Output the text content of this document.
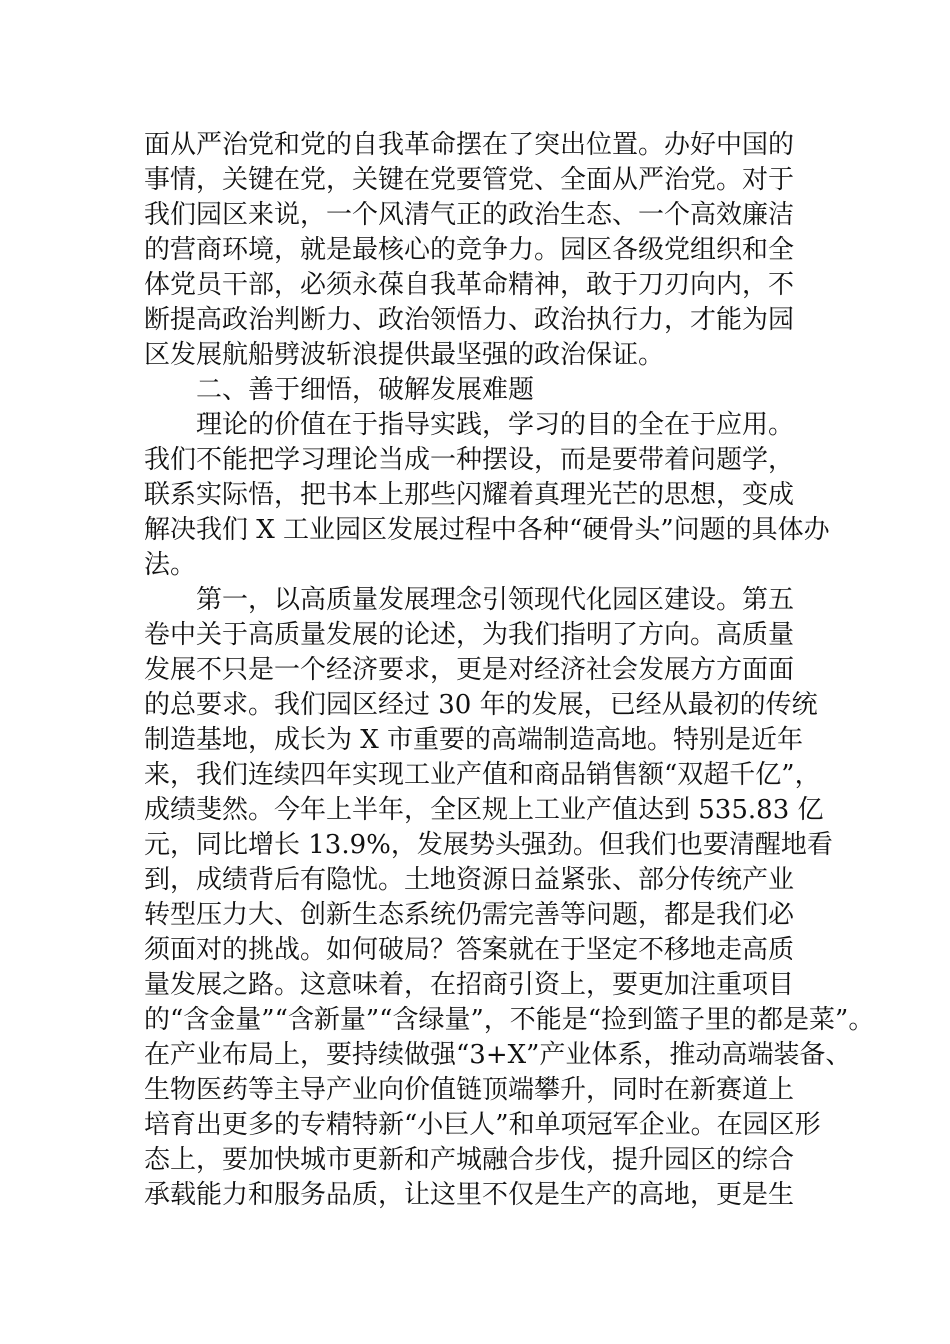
面从严治党和党的自我革命摆在了突出位置。办好中国的
事情，关键在党，关键在党要管党、全面从严治党。对于
我们园区来说，一个风清气正的政治生态、一个高效廉洁
的营商环境，就是最核心的竞争力。园区各级党组织和全
体党员干部，必须永葆自我革命精神，敢于刀刃向内，不
断提高政治判断力、政治领悟力、政治执行力，才能为园
区发展航船劈波斩浪提供最坚强的政治保证。
二、善于细悟，破解发展难题
理论的价值在于指导实践，学习的目的全在于应用。
我们不能把学习理论当成一种摆设，而是要带着问题学，
联系实际悟，把书本上那些闪耀着真理光芒的思想，变成
解决我们 X 工业园区发展过程中各种“硬骨头”问题的具体办
法。
第一，以高质量发展理念引领现代化园区建设。第五
卷中关于高质量发展的论述，为我们指明了方向。高质量
发展不只是一个经济要求，更是对经济社会发展方方面面
的总要求。我们园区经过 30 年的发展，已经从最初的传统
制造基地，成长为 X 市重要的高端制造高地。特别是近年
来，我们连续四年实现工业产值和商品销售额“双超千亿”，
成绩斐然。今年上半年，全区规上工业产值达到 535.83 亿
元，同比增长 13.9%，发展势头强劲。但我们也要清醒地看
到，成绩背后有隐忧。土地资源日益紧张、部分传统产业
转型压力大、创新生态系统仍需完善等问题，都是我们必
须面对的挑战。如何破局？答案就在于坚定不移地走高质
量发展之路。这意味着，在招商引资上，要更加注重项目
的“含金量”“含新量”“含绿量”，不能是“捡到篮子里的都是菜”。
在产业布局上，要持续做强“3+X”产业体系，推动高端装备、
生物医药等主导产业向价值链顶端攀升，同时在新赛道上
培育出更多的专精特新“小巨人”和单项冠军企业。在园区形
态上，要加快城市更新和产城融合步伐，提升园区的综合
承载能力和服务品质，让这里不仅是生产的高地，更是生
